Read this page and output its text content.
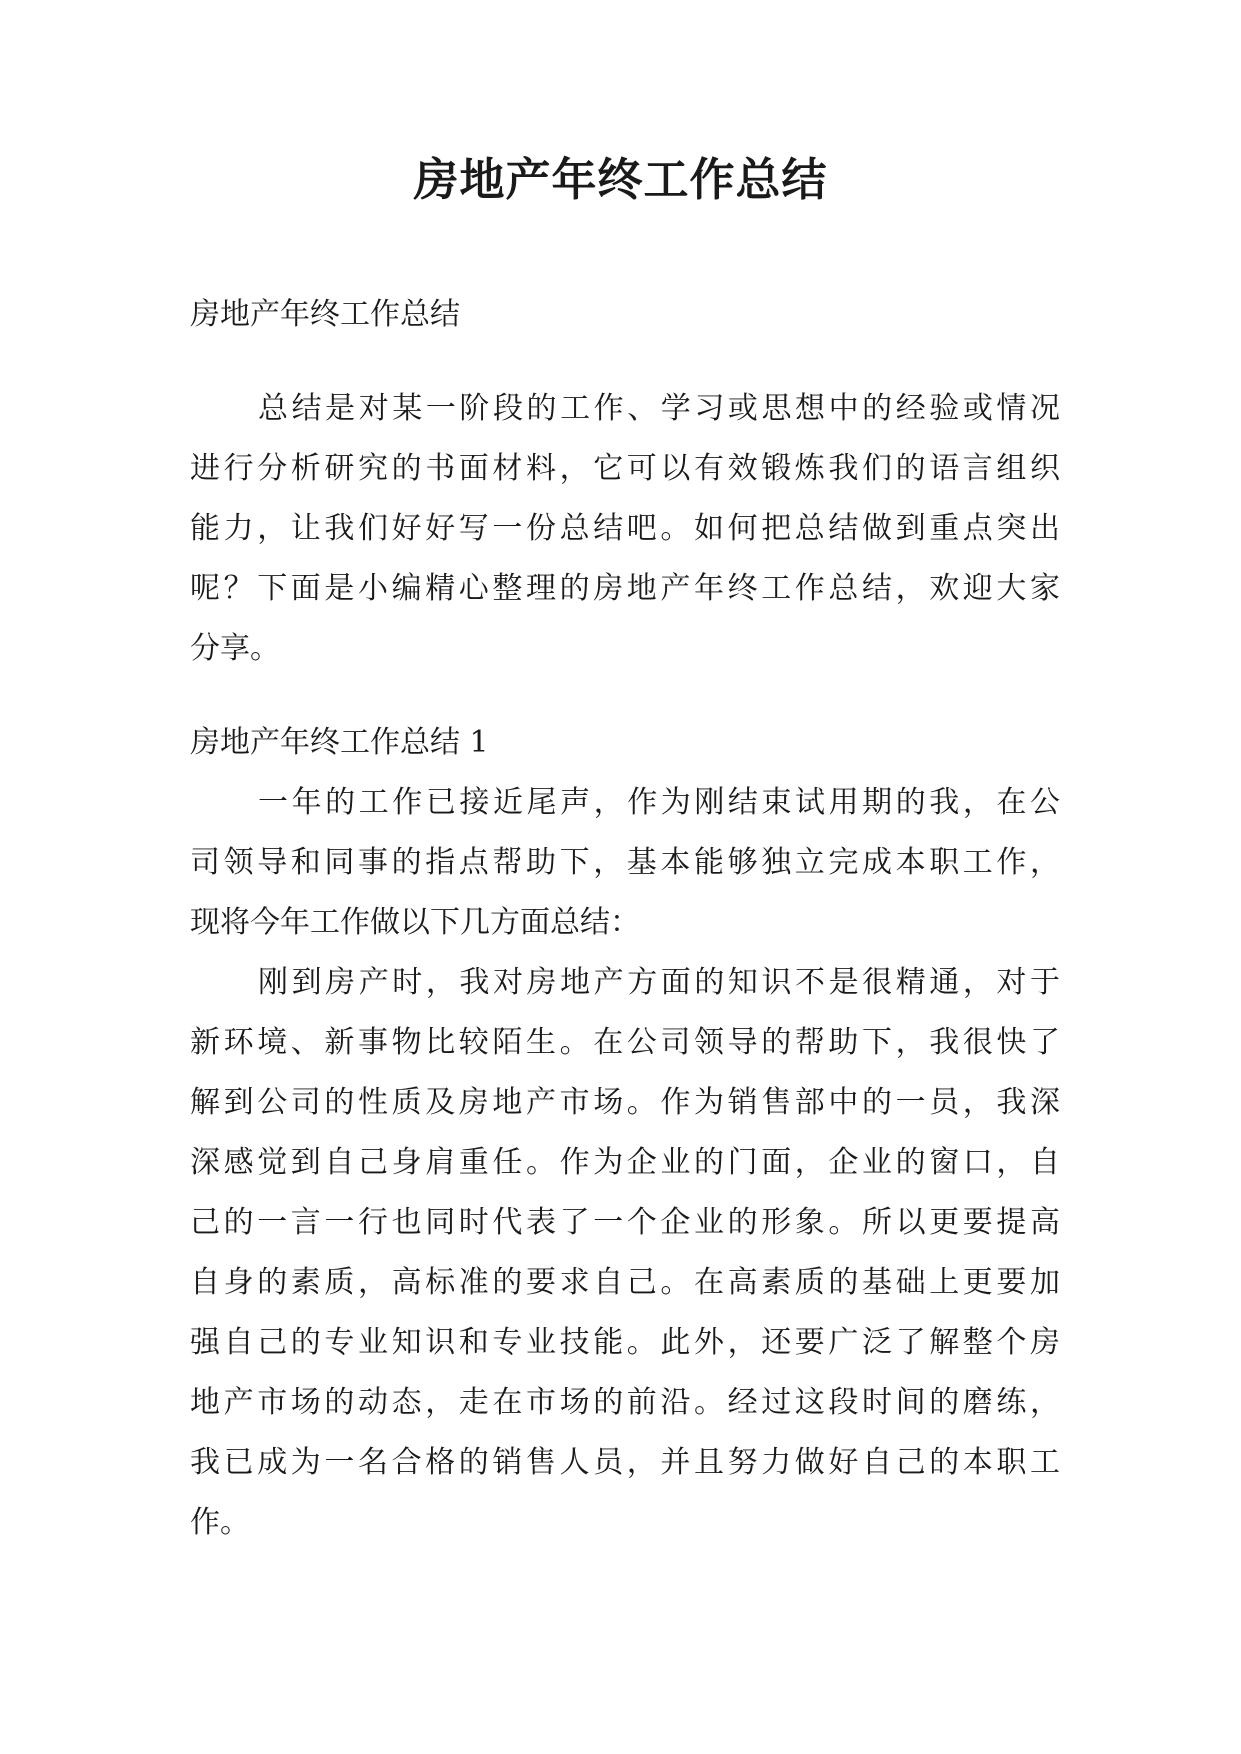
房地产年终工作总结
房地产年终工作总结
总结是对某一阶段的工作、学习或思想中的经验或情况
进行分析研究的书面材料，它可以有效锻炼我们的语言组织
能力，让我们好好写一份总结吧。如何把总结做到重点突出
呢？下面是小编精心整理的房地产年终工作总结，欢迎大家
分享。
房地产年终工作总结 1
一年的工作已接近尾声，作为刚结束试用期的我，在公
司领导和同事的指点帮助下，基本能够独立完成本职工作，
现将今年工作做以下几方面总结：
刚到房产时，我对房地产方面的知识不是很精通，对于
新环境、新事物比较陌生。在公司领导的帮助下，我很快了
解到公司的性质及房地产市场。作为销售部中的一员，我深
深感觉到自己身肩重任。作为企业的门面，企业的窗口，自
己的一言一行也同时代表了一个企业的形象。所以更要提高
自身的素质，高标准的要求自己。在高素质的基础上更要加
强自己的专业知识和专业技能。此外，还要广泛了解整个房
地产市场的动态，走在市场的前沿。经过这段时间的磨练，
我已成为一名合格的销售人员，并且努力做好自己的本职工
作。
